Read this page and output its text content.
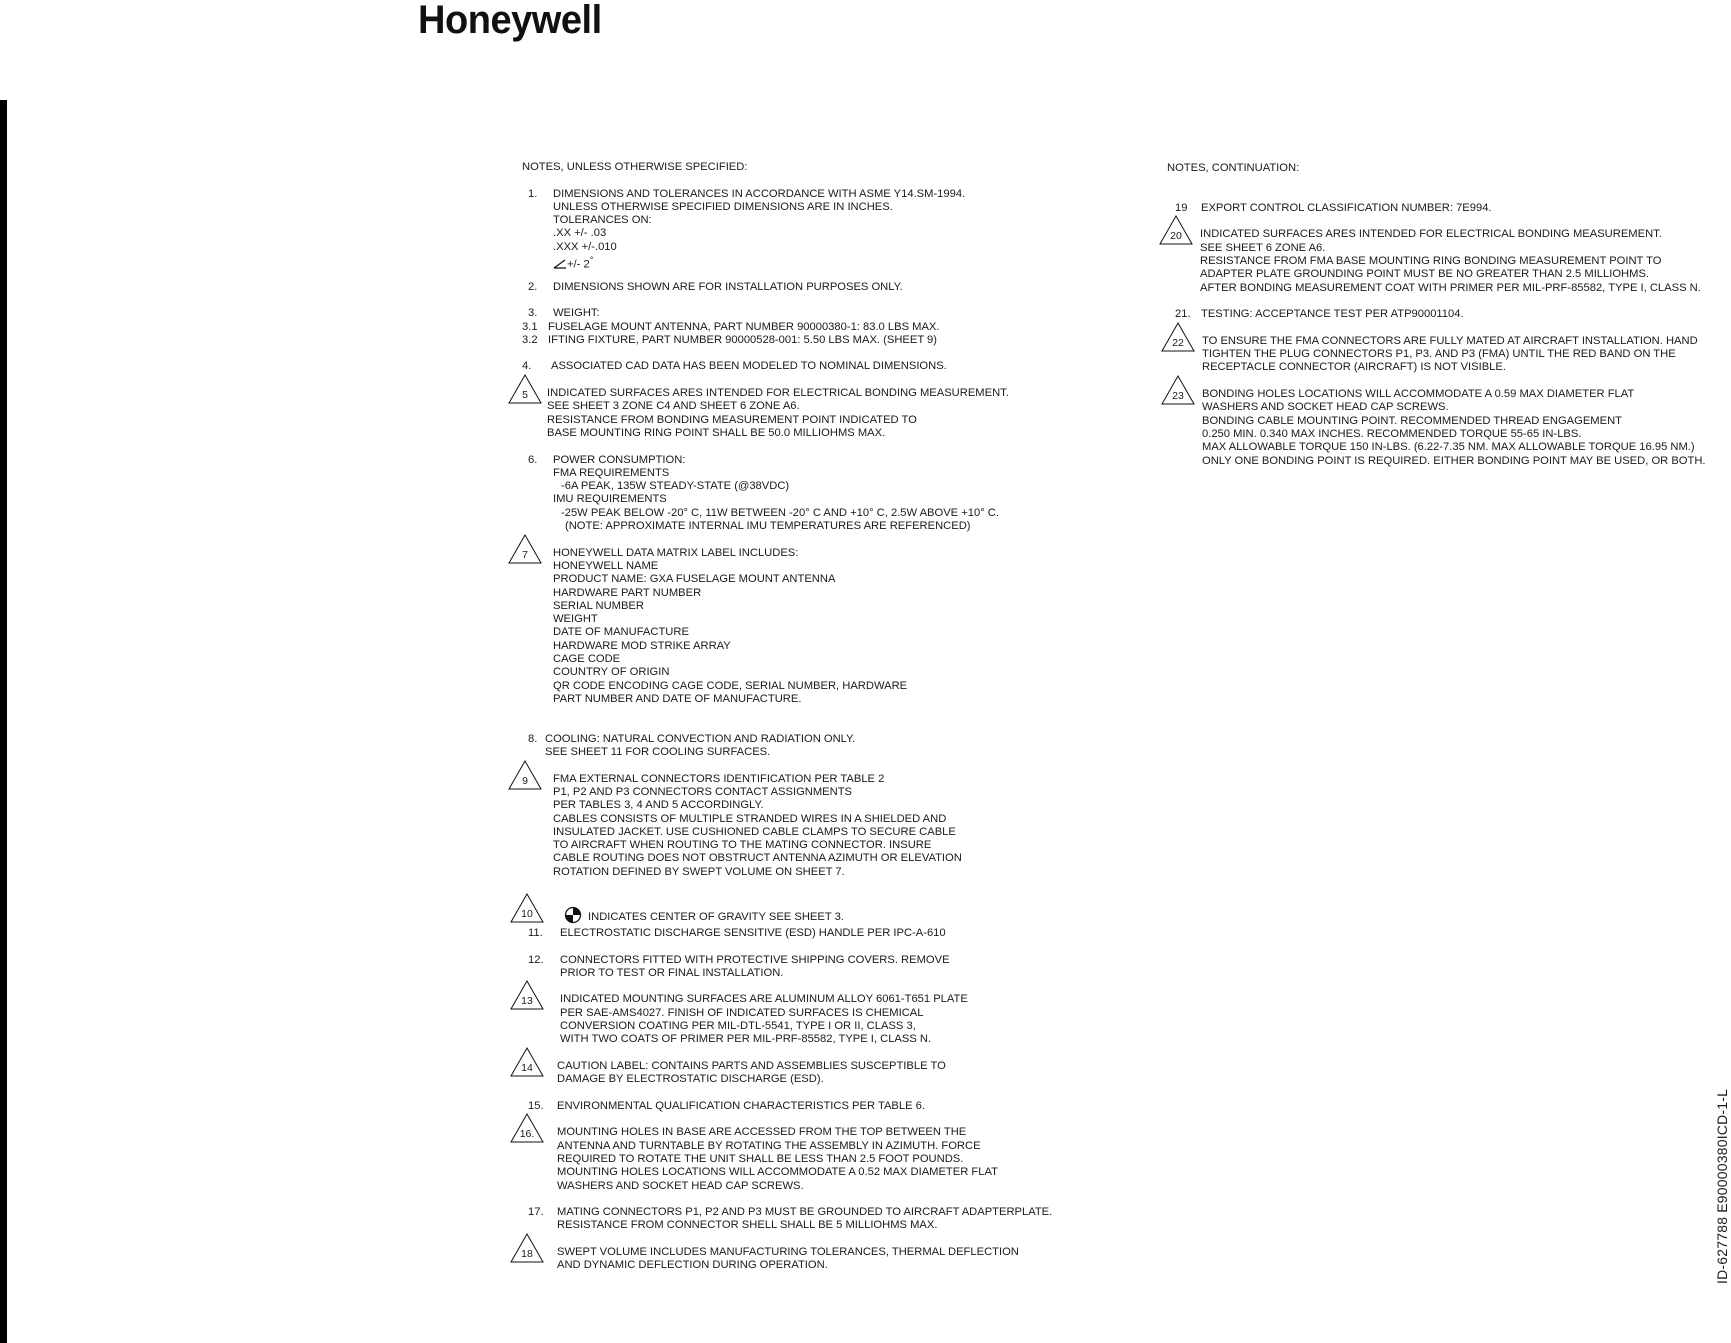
Honeywell
NOTES, UNLESS OTHERWISE SPECIFIED:
1. DIMENSIONS AND TOLERANCES IN ACCORDANCE WITH ASME Y14.SM-1994.
UNLESS OTHERWISE SPECIFIED DIMENSIONS ARE IN INCHES.
TOLERANCES ON:
.XX +/- .03
.XXX +/-.010
+/- 2°
2. DIMENSIONS SHOWN ARE FOR INSTALLATION PURPOSES ONLY.
3. WEIGHT:
3.1 FUSELAGE MOUNT ANTENNA, PART NUMBER 90000380-1: 83.0 LBS MAX.
3.2 IFTING FIXTURE, PART NUMBER 90000528-001: 5.50 LBS MAX. (SHEET 9)
4. ASSOCIATED CAD DATA HAS BEEN MODELED TO NOMINAL DIMENSIONS.
5	INDICATED SURFACES ARES INTENDED FOR ELECTRICAL BONDING MEASUREMENT.
SEE SHEET 3 ZONE C4 AND SHEET 6 ZONE A6.
RESISTANCE FROM BONDING MEASUREMENT POINT INDICATED TO
BASE MOUNTING RING POINT SHALL BE 50.0 MILLIOHMS MAX.
6. POWER CONSUMPTION:
FMA REQUIREMENTS
-6A PEAK, 135W STEADY-STATE (@38VDC)
IMU REQUIREMENTS
-25W PEAK BELOW -20° C, 11W BETWEEN -20° C AND +10° C, 2.5W ABOVE +10° C.
(NOTE: APPROXIMATE INTERNAL IMU TEMPERATURES ARE REFERENCED)
7	HONEYWELL DATA MATRIX LABEL INCLUDES:
HONEYWELL NAME
PRODUCT NAME: GXA FUSELAGE MOUNT ANTENNA
HARDWARE PART NUMBER
SERIAL NUMBER
WEIGHT
DATE OF MANUFACTURE
HARDWARE MOD STRIKE ARRAY
CAGE CODE
COUNTRY OF ORIGIN
QR CODE ENCODING CAGE CODE, SERIAL NUMBER, HARDWARE
PART NUMBER AND DATE OF MANUFACTURE.
8. COOLING: NATURAL CONVECTION AND RADIATION ONLY.
SEE SHEET 11 FOR COOLING SURFACES.
9	FMA EXTERNAL CONNECTORS IDENTIFICATION PER TABLE 2
P1, P2 AND P3 CONNECTORS CONTACT ASSIGNMENTS
PER TABLES 3, 4 AND 5 ACCORDINGLY.
CABLES CONSISTS OF MULTIPLE STRANDED WIRES IN A SHIELDED AND
INSULATED JACKET. USE CUSHIONED CABLE CLAMPS TO SECURE CABLE
TO AIRCRAFT WHEN ROUTING TO THE MATING CONNECTOR. INSURE
CABLE ROUTING DOES NOT OBSTRUCT ANTENNA AZIMUTH OR ELEVATION
ROTATION DEFINED BY SWEPT VOLUME ON SHEET 7.
10	INDICATES CENTER OF GRAVITY SEE SHEET 3.
11. ELECTROSTATIC DISCHARGE SENSITIVE (ESD) HANDLE PER IPC-A-610
12. CONNECTORS FITTED WITH PROTECTIVE SHIPPING COVERS. REMOVE
PRIOR TO TEST OR FINAL INSTALLATION.
13	INDICATED MOUNTING SURFACES ARE ALUMINUM ALLOY 6061-T651 PLATE
PER SAE-AMS4027. FINISH OF INDICATED SURFACES IS CHEMICAL
CONVERSION COATING PER MIL-DTL-5541, TYPE I OR II, CLASS 3,
WITH TWO COATS OF PRIMER PER MIL-PRF-85582, TYPE I, CLASS N.
14	CAUTION LABEL: CONTAINS PARTS AND ASSEMBLIES SUSCEPTIBLE TO
DAMAGE BY ELECTROSTATIC DISCHARGE (ESD).
15. ENVIRONMENTAL QUALIFICATION CHARACTERISTICS PER TABLE 6.
16.	MOUNTING HOLES IN BASE ARE ACCESSED FROM THE TOP BETWEEN THE
ANTENNA AND TURNTABLE BY ROTATING THE ASSEMBLY IN AZIMUTH. FORCE
REQUIRED TO ROTATE THE UNIT SHALL BE LESS THAN 2.5 FOOT POUNDS.
MOUNTING HOLES LOCATIONS WILL ACCOMMODATE A 0.52 MAX DIAMETER FLAT
WASHERS AND SOCKET HEAD CAP SCREWS.
17. MATING CONNECTORS P1, P2 AND P3 MUST BE GROUNDED TO AIRCRAFT ADAPTERPLATE.
RESISTANCE FROM CONNECTOR SHELL SHALL BE 5 MILLIOHMS MAX.
18	SWEPT VOLUME INCLUDES MANUFACTURING TOLERANCES, THERMAL DEFLECTION
AND DYNAMIC DEFLECTION DURING OPERATION.
NOTES, CONTINUATION:
19 EXPORT CONTROL CLASSIFICATION NUMBER: 7E994.
20	INDICATED SURFACES ARES INTENDED FOR ELECTRICAL BONDING MEASUREMENT.
SEE SHEET 6 ZONE A6.
RESISTANCE FROM FMA BASE MOUNTING RING BONDING MEASUREMENT POINT TO
ADAPTER PLATE GROUNDING POINT MUST BE NO GREATER THAN 2.5 MILLIOHMS.
AFTER BONDING MEASUREMENT COAT WITH PRIMER PER MIL-PRF-85582, TYPE I, CLASS N.
21. TESTING: ACCEPTANCE TEST PER ATP90001104.
22	TO ENSURE THE FMA CONNECTORS ARE FULLY MATED AT AIRCRAFT INSTALLATION. HAND
TIGHTEN THE PLUG CONNECTORS P1, P3. AND P3 (FMA) UNTIL THE RED BAND ON THE
RECEPTACLE CONNECTOR (AIRCRAFT) IS NOT VISIBLE.
23	BONDING HOLES LOCATIONS WILL ACCOMMODATE A 0.59 MAX DIAMETER FLAT
WASHERS AND SOCKET HEAD CAP SCREWS.
BONDING CABLE MOUNTING POINT. RECOMMENDED THREAD ENGAGEMENT
0.250 MIN. 0.340 MAX INCHES. RECOMMENDED TORQUE 55-65 IN-LBS.
MAX ALLOWABLE TORQUE 150 IN-LBS. (6.22-7.35 NM. MAX ALLOWABLE TORQUE 16.95 NM.)
ONLY ONE BONDING POINT IS REQUIRED. EITHER BONDING POINT MAY BE USED, OR BOTH.
ID-627788 E90000380ICD-1-L
